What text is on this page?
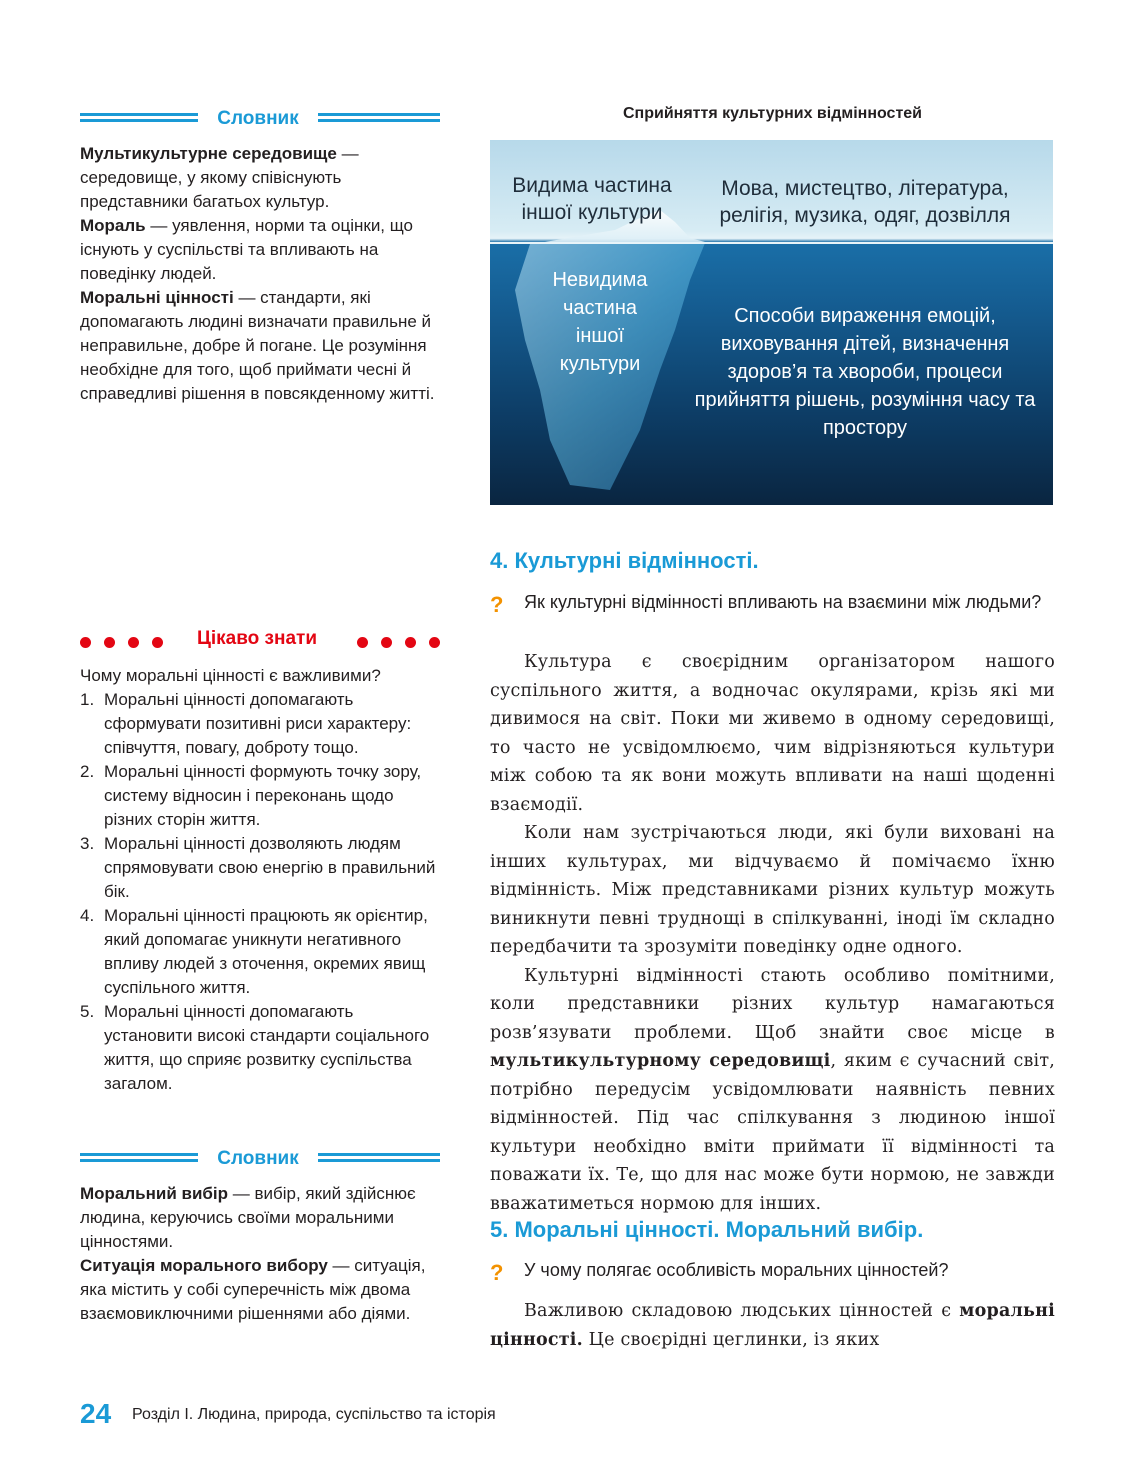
Словник

Мультикультурне середовище — середовище, у якому співіснують представники багатьох культур.

Мораль — уявлення, норми та оцінки, що існують у суспільстві та впливають на поведінку людей.

Моральні цінності — стандарти, які допомагають людині визначати правильне й неправильне, добре й погане. Це розуміння необхідне для того, щоб приймати чесні й справедливі рішення в повсякденному житті.

Цікаво знати
Чому моральні цінності є важливими?
1. Моральні цінності допомагають сформувати позитивні риси характеру: співчуття, повагу, доброту тощо.
2. Моральні цінності формують точку зору, систему відносин і переконань щодо різних сторін життя.
3. Моральні цінності дозволяють людям спрямовувати свою енергію в правильний бік.
4. Моральні цінності працюють як орієнтир, який допомагає уникнути негативного впливу людей з оточення, окремих явищ суспільного життя.
5. Моральні цінності допомагають установити високі стандарти соціального життя, що сприяє розвитку суспільства загалом.
Словник

Моральний вибір — вибір, який здійснює людина, керуючись своїми моральними цінностями.

Ситуація морального вибору — ситуація, яка містить у собі суперечність між двома взаємовиключними рішеннями або діями.

Сприйняття культурних відмінностей
Видима частина іншої культури
Мова, мистецтво, література, релігія, музика, одяг, дозвілля
Невидима частина іншої культури
Способи вираження емоцій, виховування дітей, визначення здоров’я та хвороби, процеси прийняття рішень, розуміння часу та простору
4. Культурні відмінності.
?	Як культурні відмінності впливають на взаємини між людьми?

Культура є своєрідним організатором нашого суспільного життя, а водночас окулярами, крізь які ми дивимося на світ. Поки ми живемо в одному середовищі, то часто не усвідомлюємо, чим відрізняються культури між собою та як вони можуть впливати на наші щоденні взаємодії.

Коли нам зустрічаються люди, які були виховані на інших культурах, ми відчуваємо й помічаємо їхню відмінність. Між представниками різних культур можуть виникнути певні труднощі в спілкуванні, іноді їм складно передбачити та зрозуміти поведінку одне одного.

Культурні відмінності стають особливо помітними, коли представники різних культур намагаються розв’язувати проблеми. Щоб знайти своє місце в мультикультурному середовищі, яким є сучасний світ, потрібно передусім усвідомлювати наявність певних відмінностей. Під час спілкування з людиною іншої культури необхідно вміти приймати її відмінності та поважати їх. Те, що для нас може бути нормою, не завжди вважатиметься нормою для інших.

5. Моральні цінності. Моральний вибір.
?	У чому полягає особливість моральних цінностей?

Важливою складовою людських цінностей є моральні цінності. Це своєрідні цеглинки, із яких

24 Розділ І. Людина, природа, суспільство та історія
